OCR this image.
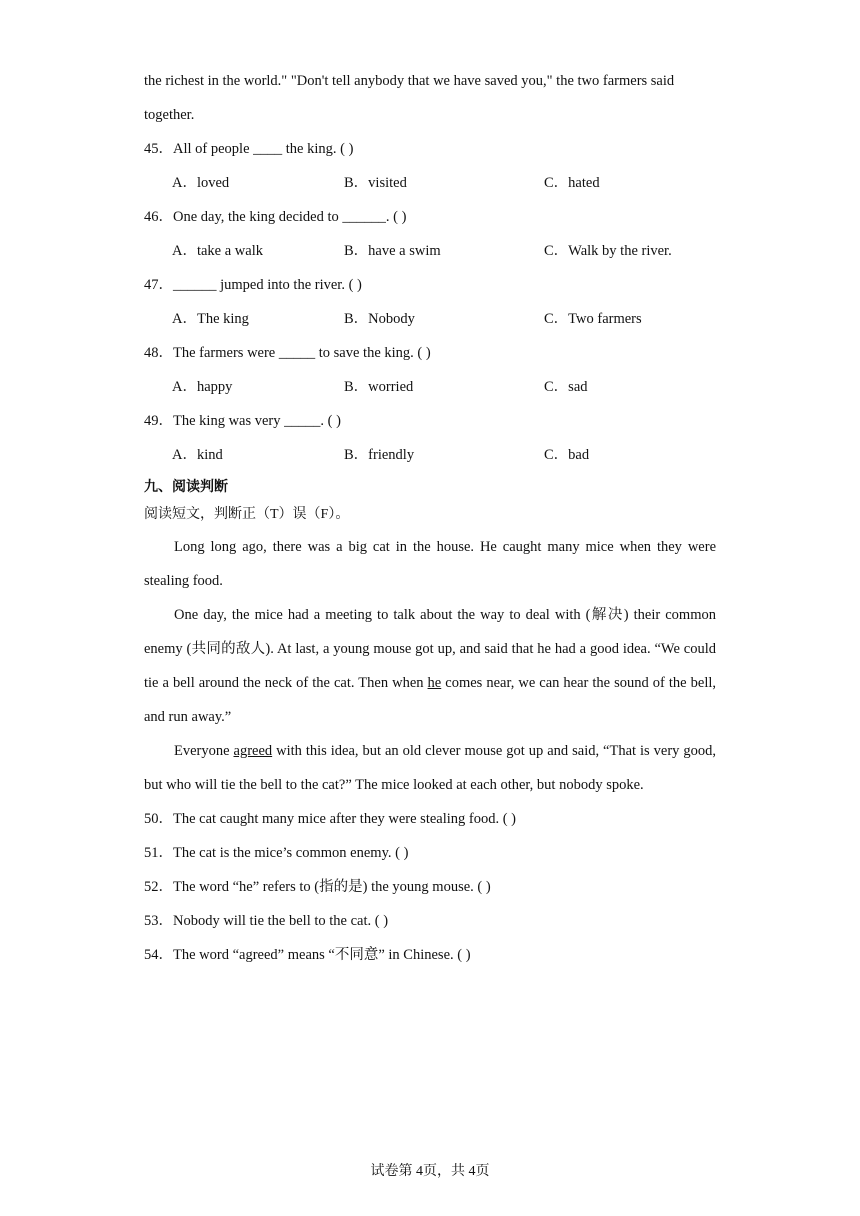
the richest in the world." "Don't tell anybody that we have saved you," the two farmers said
together.

45．All of people ____ the king. ( )
A．loved	B．visited	C．hated
46．One day, the king decided to ______. ( )
A．take a walk	B．have a swim	C．Walk by the river.
47．______ jumped into the river. ( )
A．The king	B．Nobody	C．Two farmers
48．The farmers were _____ to save the king. ( )
A．happy	B．worried	C．sad
49．The king was very _____. ( )
A．kind	B．friendly	C．bad
九、阅读判断
阅读短文，判断正（T）误（F）。

Long long ago, there was a big cat in the house. He caught many mice when they were stealing food.

One day, the mice had a meeting to talk about the way to deal with (解决) their common enemy (共同的敌人). At last, a young mouse got up, and said that he had a good idea. “We could tie a bell around the neck of the cat. Then when he comes near, we can hear the sound of the bell, and run away.”

Everyone agreed with this idea, but an old clever mouse got up and said, “That is very good, but who will tie the bell to the cat?” The mice looked at each other, but nobody spoke.

50．The cat caught many mice after they were stealing food. ( )
51．The cat is the mice’s common enemy. ( )
52．The word “he” refers to (指的是) the young mouse. ( )
53．Nobody will tie the bell to the cat. ( )
54．The word “agreed” means “不同意” in Chinese. ( )
试卷第 4页，共 4页
